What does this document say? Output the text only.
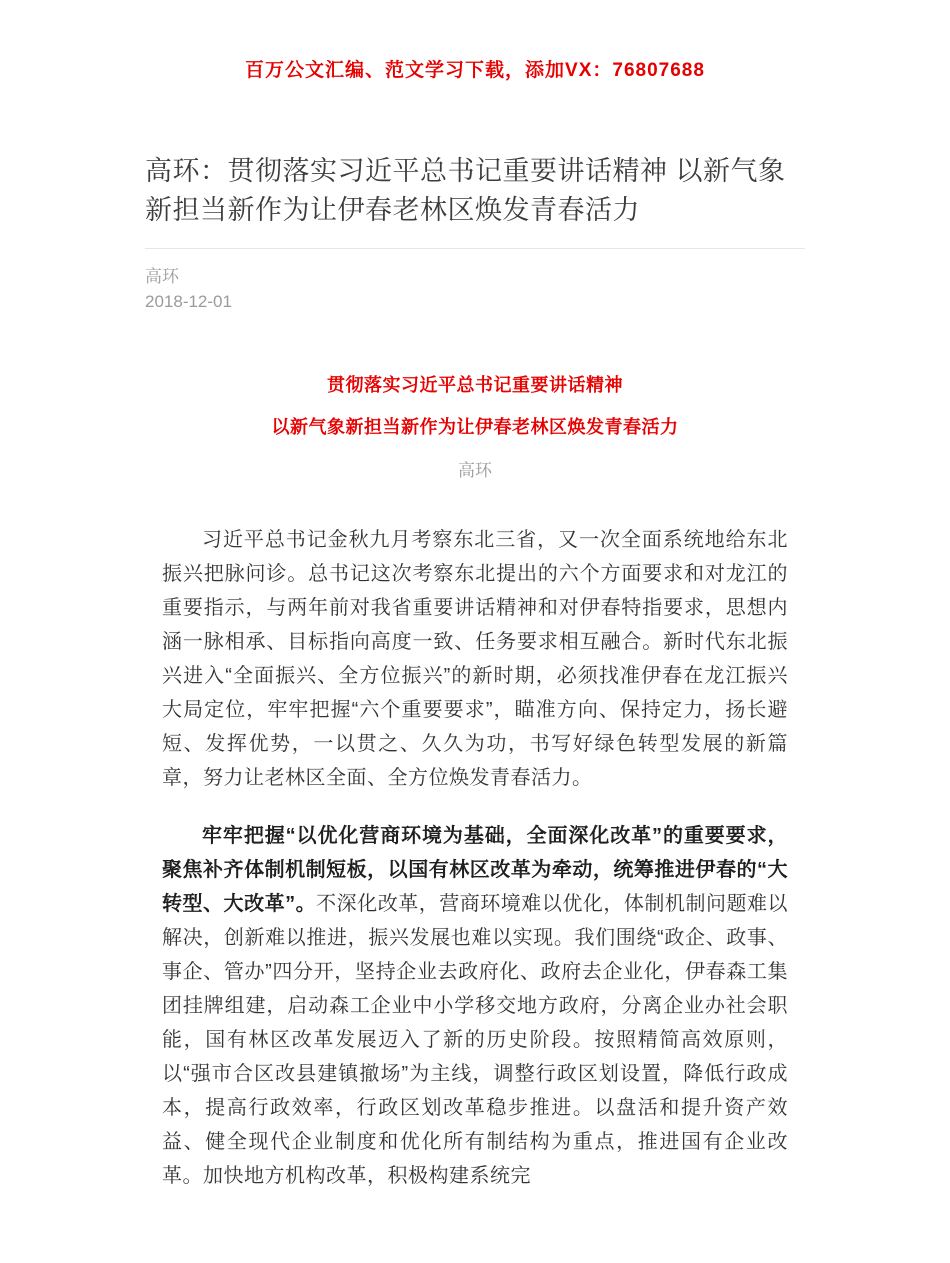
百万公文汇编、范文学习下载，添加VX：76807688
高环：贯彻落实习近平总书记重要讲话精神 以新气象新担当新作为让伊春老林区焕发青春活力
高环
2018-12-01
贯彻落实习近平总书记重要讲话精神
以新气象新担当新作为让伊春老林区焕发青春活力
高环

习近平总书记金秋九月考察东北三省，又一次全面系统地给东北振兴把脉问诊。总书记这次考察东北提出的六个方面要求和对龙江的重要指示，与两年前对我省重要讲话精神和对伊春特指要求，思想内涵一脉相承、目标指向高度一致、任务要求相互融合。新时代东北振兴进入“全面振兴、全方位振兴”的新时期，必须找准伊春在龙江振兴大局定位，牢牢把握“六个重要要求”，瞄准方向、保持定力，扬长避短、发挥优势，一以贯之、久久为功，书写好绿色转型发展的新篇章，努力让老林区全面、全方位焕发青春活力。

牢牢把握“以优化营商环境为基础，全面深化改革”的重要要求，聚焦补齐体制机制短板，以国有林区改革为牵动，统筹推进伊春的“大转型、大改革”。不深化改革，营商环境难以优化，体制机制问题难以解决，创新难以推进，振兴发展也难以实现。我们围绕“政企、政事、事企、管办”四分开，坚持企业去政府化、政府去企业化，伊春森工集团挂牌组建，启动森工企业中小学移交地方政府，分离企业办社会职能，国有林区改革发展迈入了新的历史阶段。按照精简高效原则，以“强市合区改县建镇撤场”为主线，调整行政区划设置，降低行政成本，提高行政效率，行政区划改革稳步推进。以盘活和提升资产效益、健全现代企业制度和优化所有制结构为重点，推进国有企业改革。加快地方机构改革，积极构建系统完
